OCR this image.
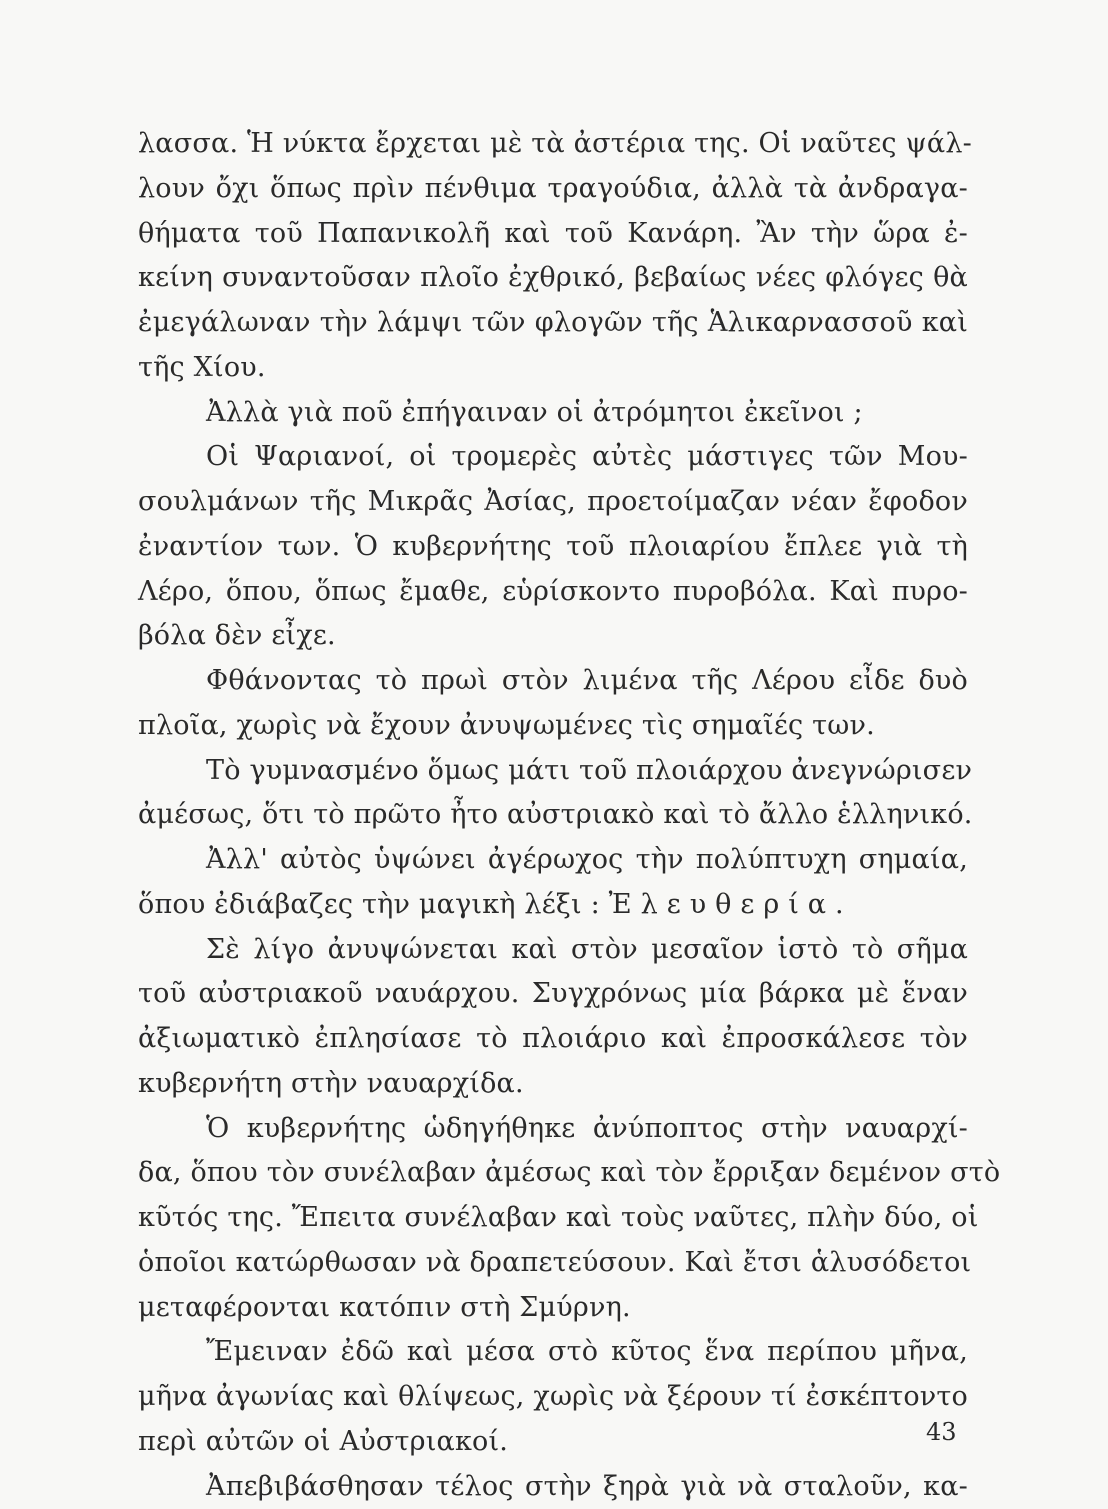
λασσα. Ἡ νύκτα ἔρχεται μὲ τὰ ἀστέρια της. Οἱ ναῦτες ψάλ-
λουν ὄχι ὅπως πρὶν πένθιμα τραγούδια, ἀλλὰ τὰ ἀνδραγα-
θήματα τοῦ Παπανικολῆ καὶ τοῦ Κανάρη. Ἂν τὴν ὥρα ἐ-
κείνη συναντοῦσαν πλοῖο ἐχθρικό, βεβαίως νέες φλόγες θὰ
ἐμεγάλωναν τὴν λάμψι τῶν φλογῶν τῆς Ἁλικαρνασσοῦ καὶ
τῆς Χίου.
Ἀλλὰ γιὰ ποῦ ἐπήγαιναν οἱ ἀτρόμητοι ἐκεῖνοι ;
Οἱ Ψαριανοί, οἱ τρομερὲς αὐτὲς μάστιγες τῶν Μου-
σουλμάνων τῆς Μικρᾶς Ἀσίας, προετοίμαζαν νέαν ἔφοδον
ἐναντίον των. Ὁ κυβερνήτης τοῦ πλοιαρίου ἔπλεε γιὰ τὴ
Λέρο, ὅπου, ὅπως ἔμαθε, εὑρίσκοντο πυροβόλα. Καὶ πυρο-
βόλα δὲν εἶχε.
Φθάνοντας τὸ πρωὶ στὸν λιμένα τῆς Λέρου εἶδε δυὸ
πλοῖα, χωρὶς νὰ ἔχουν ἀνυψωμένες τὶς σημαῖές των.
Τὸ γυμνασμένο ὅμως μάτι τοῦ πλοιάρχου ἀνεγνώρισεν
ἀμέσως, ὅτι τὸ πρῶτο ἦτο αὐστριακὸ καὶ τὸ ἄλλο ἑλληνικό.
Ἀλλ' αὐτὸς ὑψώνει ἀγέρωχος τὴν πολύπτυχη σημαία,
ὅπου ἐδιάβαζες τὴν μαγικὴ λέξι : Ἐ λ ε υ θ ε ρ ί α .
Σὲ λίγο ἀνυψώνεται καὶ στὸν μεσαῖον ἱστὸ τὸ σῆμα
τοῦ αὐστριακοῦ ναυάρχου. Συγχρόνως μία βάρκα μὲ ἕναν
ἀξιωματικὸ ἐπλησίασε τὸ πλοιάριο καὶ ἐπροσκάλεσε τὸν
κυβερνήτη στὴν ναυαρχίδα.
Ὁ κυβερνήτης ὡδηγήθηκε ἀνύποπτος στὴν ναυαρχί-
δα, ὅπου τὸν συνέλαβαν ἀμέσως καὶ τὸν ἔρριξαν δεμένον στὸ
κῦτός της. Ἔπειτα συνέλαβαν καὶ τοὺς ναῦτες, πλὴν δύο, οἱ
ὁποῖοι κατώρθωσαν νὰ δραπετεύσουν. Καὶ ἔτσι ἁλυσόδετοι
μεταφέρονται κατόπιν στὴ Σμύρνη.
Ἔμειναν ἐδῶ καὶ μέσα στὸ κῦτος ἕνα περίπου μῆνα,
μῆνα ἀγωνίας καὶ θλίψεως, χωρὶς νὰ ξέρουν τί ἐσκέπτοντο
περὶ αὐτῶν οἱ Αὐστριακοί.
Ἀπεβιβάσθησαν τέλος στὴν ξηρὰ γιὰ νὰ σταλοῦν, κα-
43
